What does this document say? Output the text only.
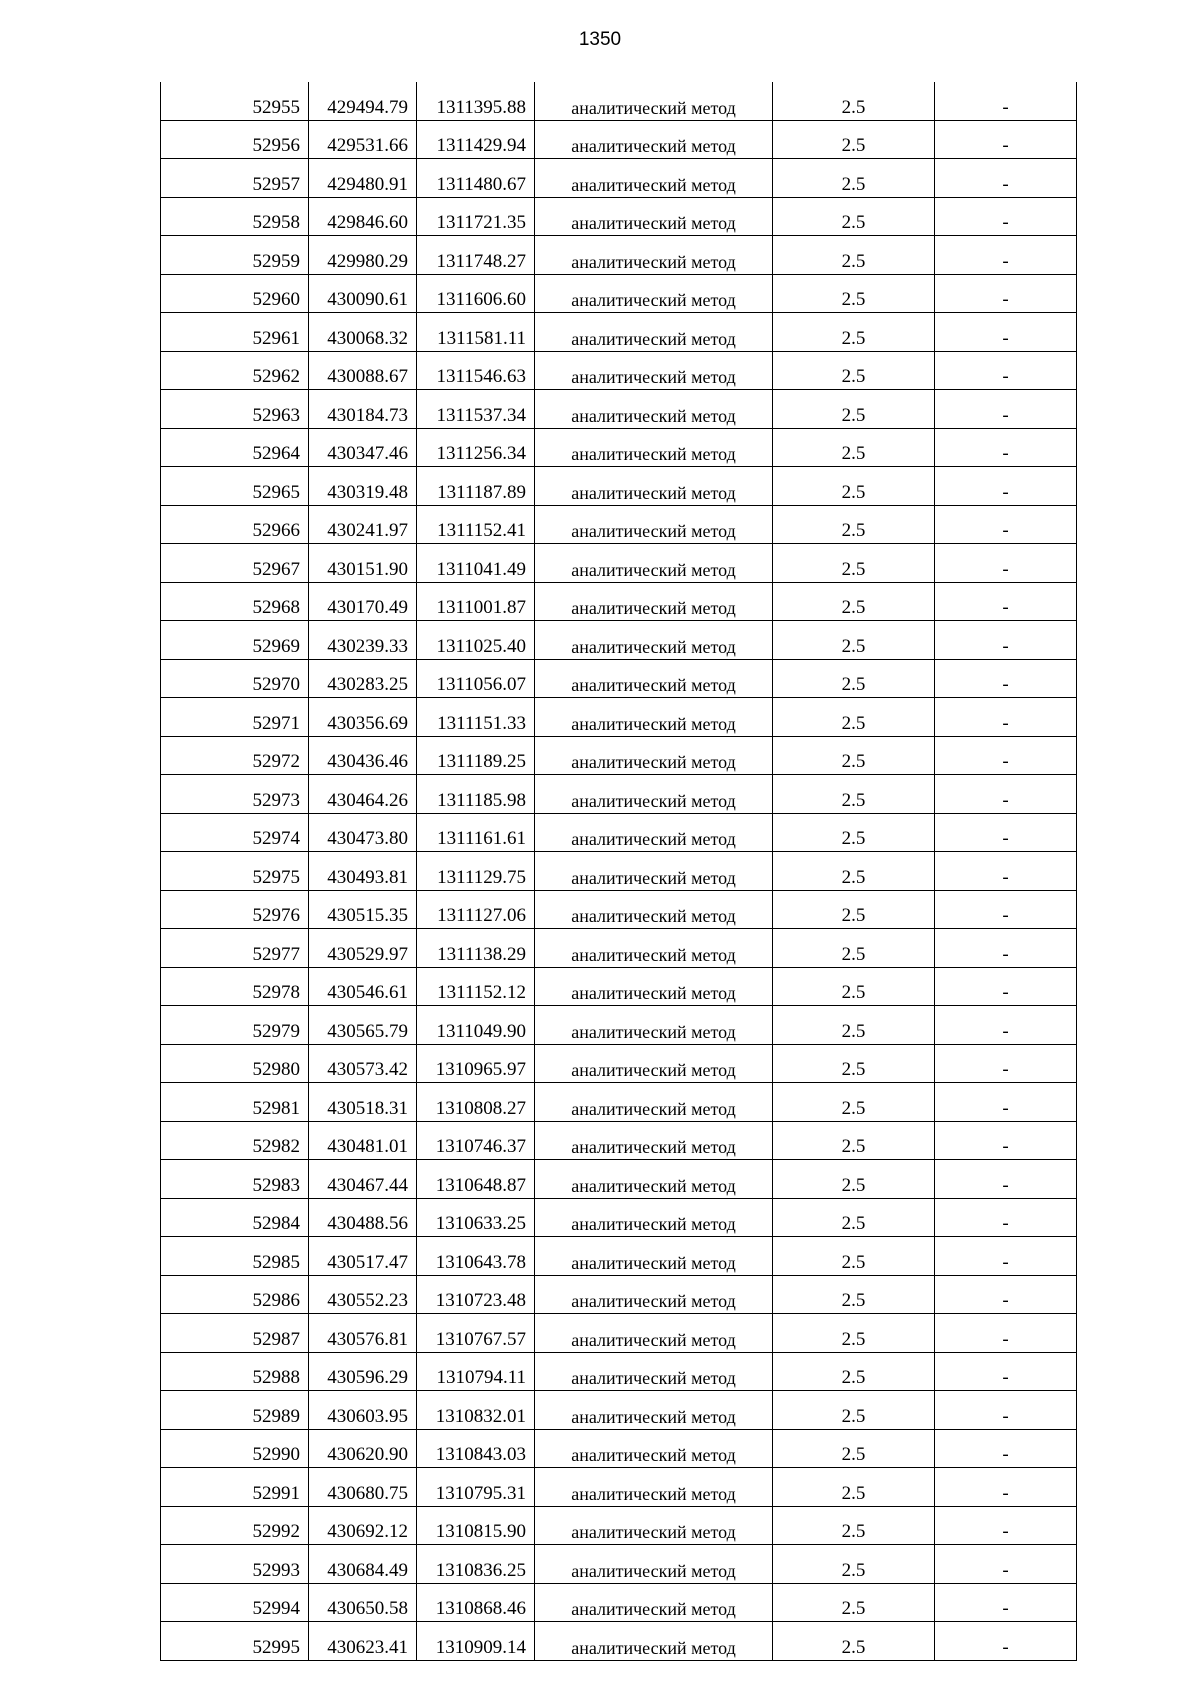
1350
52955	429494.79	1311395.88	аналитический метод	2.5	-
52956	429531.66	1311429.94	аналитический метод	2.5	-
52957	429480.91	1311480.67	аналитический метод	2.5	-
52958	429846.60	1311721.35	аналитический метод	2.5	-
52959	429980.29	1311748.27	аналитический метод	2.5	-
52960	430090.61	1311606.60	аналитический метод	2.5	-
52961	430068.32	1311581.11	аналитический метод	2.5	-
52962	430088.67	1311546.63	аналитический метод	2.5	-
52963	430184.73	1311537.34	аналитический метод	2.5	-
52964	430347.46	1311256.34	аналитический метод	2.5	-
52965	430319.48	1311187.89	аналитический метод	2.5	-
52966	430241.97	1311152.41	аналитический метод	2.5	-
52967	430151.90	1311041.49	аналитический метод	2.5	-
52968	430170.49	1311001.87	аналитический метод	2.5	-
52969	430239.33	1311025.40	аналитический метод	2.5	-
52970	430283.25	1311056.07	аналитический метод	2.5	-
52971	430356.69	1311151.33	аналитический метод	2.5	-
52972	430436.46	1311189.25	аналитический метод	2.5	-
52973	430464.26	1311185.98	аналитический метод	2.5	-
52974	430473.80	1311161.61	аналитический метод	2.5	-
52975	430493.81	1311129.75	аналитический метод	2.5	-
52976	430515.35	1311127.06	аналитический метод	2.5	-
52977	430529.97	1311138.29	аналитический метод	2.5	-
52978	430546.61	1311152.12	аналитический метод	2.5	-
52979	430565.79	1311049.90	аналитический метод	2.5	-
52980	430573.42	1310965.97	аналитический метод	2.5	-
52981	430518.31	1310808.27	аналитический метод	2.5	-
52982	430481.01	1310746.37	аналитический метод	2.5	-
52983	430467.44	1310648.87	аналитический метод	2.5	-
52984	430488.56	1310633.25	аналитический метод	2.5	-
52985	430517.47	1310643.78	аналитический метод	2.5	-
52986	430552.23	1310723.48	аналитический метод	2.5	-
52987	430576.81	1310767.57	аналитический метод	2.5	-
52988	430596.29	1310794.11	аналитический метод	2.5	-
52989	430603.95	1310832.01	аналитический метод	2.5	-
52990	430620.90	1310843.03	аналитический метод	2.5	-
52991	430680.75	1310795.31	аналитический метод	2.5	-
52992	430692.12	1310815.90	аналитический метод	2.5	-
52993	430684.49	1310836.25	аналитический метод	2.5	-
52994	430650.58	1310868.46	аналитический метод	2.5	-
52995	430623.41	1310909.14	аналитический метод	2.5	-
